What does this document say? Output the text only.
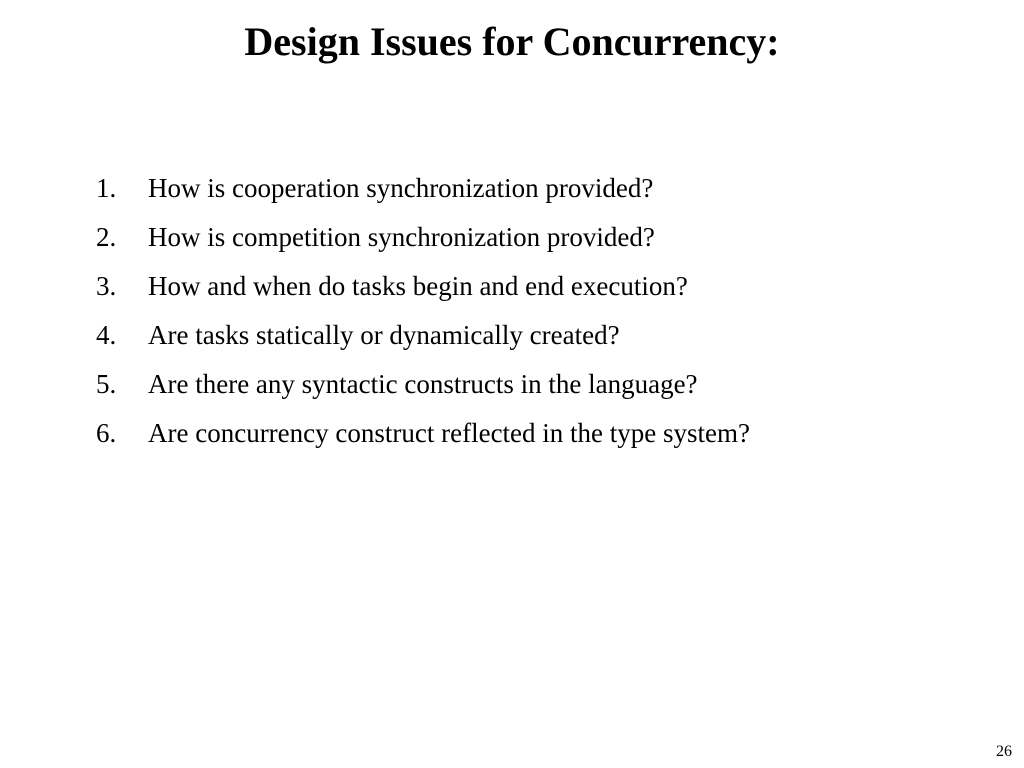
Design Issues for Concurrency:
1.	How is cooperation synchronization provided?
2.	How is competition synchronization provided?
3.	How and when do tasks begin and end execution?
4.	Are tasks statically or dynamically created?
5.	Are there any syntactic constructs in the language?
6.	Are concurrency construct reflected in the type system?
26
